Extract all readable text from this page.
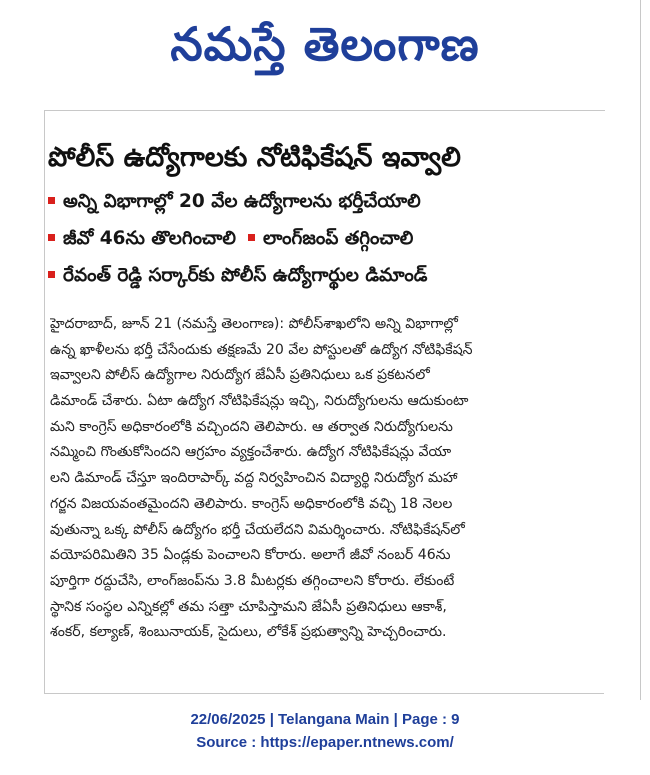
నమస్తే తెలంగాణ
పోలీస్ ఉద్యోగాలకు నోటిఫికేషన్ ఇవ్వాలి
అన్ని విభాగాల్లో 20 వేల ఉద్యోగాలను భర్తీచేయాలి
జీవో 46ను తొలగించాలి లాంగ్‌జంప్ తగ్గించాలి
రేవంత్ రెడ్డి సర్కార్‌కు పోలీస్ ఉద్యోగార్థుల డిమాండ్
హైదరాబాద్, జూన్ 21 (నమస్తే తెలంగాణ): పోలీస్‌శాఖలోని అన్ని విభాగాల్లో
ఉన్న ఖాళీలను భర్తీ చేసేందుకు తక్షణమే 20 వేల పోస్టులతో ఉద్యోగ నోటిఫికేషన్
ఇవ్వాలని పోలీస్ ఉద్యోగాల నిరుద్యోగ జేఏసీ ప్రతినిధులు ఒక ప్రకటనలో
డిమాండ్ చేశారు. ఏటా ఉద్యోగ నోటిఫికేషన్లు ఇచ్చి, నిరుద్యోగులను ఆదుకుంటా
మని కాంగ్రెస్ అధికారంలోకి వచ్చిందని తెలిపారు. ఆ తర్వాత నిరుద్యోగులను
నమ్మించి గొంతుకోసిందని ఆగ్రహం వ్యక్తంచేశారు. ఉద్యోగ నోటిఫికేషన్లు వేయా
లని డిమాండ్ చేస్తూ ఇందిరాపార్క్ వద్ద నిర్వహించిన విద్యార్థి నిరుద్యోగ మహా
గర్జన విజయవంతమైందని తెలిపారు. కాంగ్రెస్ అధికారంలోకి వచ్చి 18 నెలల
వుతున్నా ఒక్క పోలీస్ ఉద్యోగం భర్తీ చేయలేదని విమర్శించారు. నోటిఫికేషన్‌లో
వయోపరిమితిని 35 ఏండ్లకు పెంచాలని కోరారు. అలాగే జీవో నంబర్ 46ను
పూర్తిగా రద్దుచేసి, లాంగ్‌జంప్‌ను 3.8 మీటర్లకు తగ్గించాలని కోరారు. లేకుంటే
స్థానిక సంస్థల ఎన్నికల్లో తమ సత్తా చూపిస్తామని జేఏసీ ప్రతినిధులు ఆకాశ్,
శంకర్, కల్యాణ్, శింబునాయక్, సైదులు, లోకేశ్ ప్రభుత్వాన్ని హెచ్చరించారు.
22/06/2025 | Telangana Main | Page : 9
Source : https://epaper.ntnews.com/
